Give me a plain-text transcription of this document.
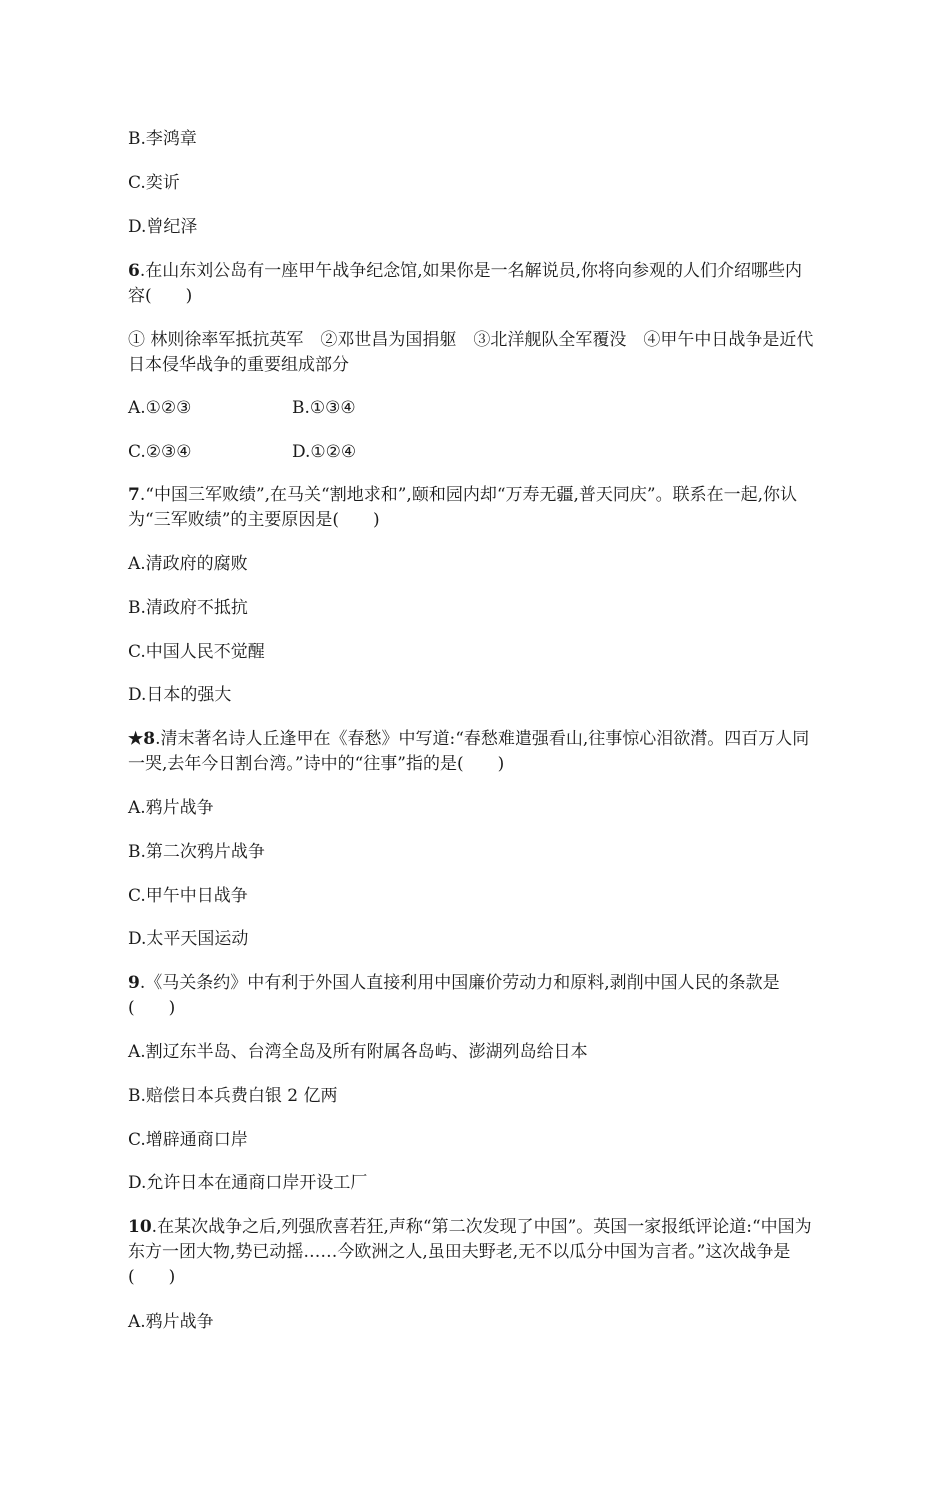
B.李鸿章

C.奕䜣

D.曾纪泽

6.在山东刘公岛有一座甲午战争纪念馆,如果你是一名解说员,你将向参观的人们介绍哪些内容(　　)

① 林则徐率军抵抗英军　②邓世昌为国捐躯　③北洋舰队全军覆没　④甲午中日战争是近代日本侵华战争的重要组成部分

A.①②③	B.①③④

C.②③④	D.①②④

7.“中国三军败绩”,在马关“割地求和”,颐和园内却“万寿无疆,普天同庆”。联系在一起,你认为“三军败绩”的主要原因是(　　)

A.清政府的腐败

B.清政府不抵抗

C.中国人民不觉醒

D.日本的强大

★8.清末著名诗人丘逢甲在《春愁》中写道:“春愁难遣强看山,往事惊心泪欲潸。四百万人同一哭,去年今日割台湾。”诗中的“往事”指的是(　　)

A.鸦片战争

B.第二次鸦片战争

C.甲午中日战争

D.太平天国运动

9.《马关条约》中有利于外国人直接利用中国廉价劳动力和原料,剥削中国人民的条款是(　　)

A.割辽东半岛、台湾全岛及所有附属各岛屿、澎湖列岛给日本

B.赔偿日本兵费白银 2 亿两

C.增辟通商口岸

D.允许日本在通商口岸开设工厂

10.在某次战争之后,列强欣喜若狂,声称“第二次发现了中国”。英国一家报纸评论道:“中国为东方一团大物,势已动摇……今欧洲之人,虽田夫野老,无不以瓜分中国为言者。”这次战争是(　　)

A.鸦片战争
